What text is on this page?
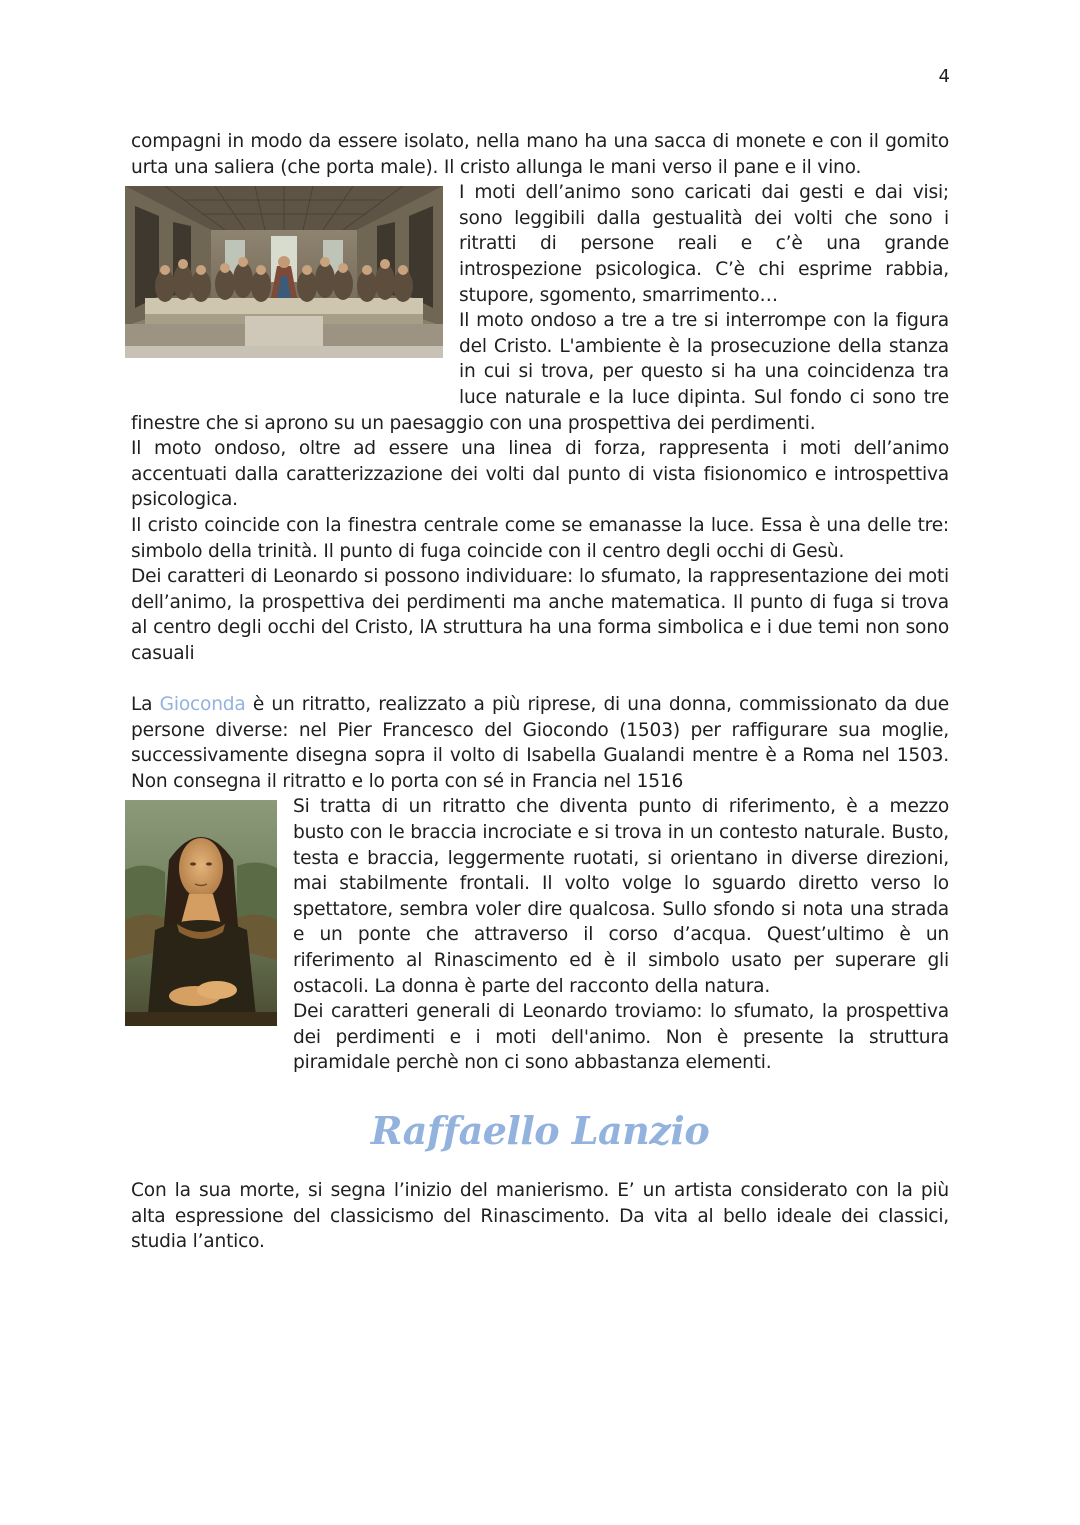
4

compagni in modo da essere isolato, nella mano ha una sacca di monete e con il gomito urta una saliera (che porta male). Il cristo allunga le mani verso il pane e il vino.

I moti dell’animo sono caricati dai gesti e dai visi; sono leggibili dalla gestualità dei volti che sono i ritratti di persone reali e c’è una grande introspezione psicologica. C’è chi esprime rabbia, stupore, sgomento, smarrimento…

Il moto ondoso a tre a tre si interrompe con la figura del Cristo. L'ambiente è la prosecuzione della stanza in cui si trova, per questo si ha una coincidenza tra luce naturale e la luce dipinta. Sul fondo ci sono tre finestre che si aprono su un paesaggio con una prospettiva dei perdimenti.

Il moto ondoso, oltre ad essere una linea di forza, rappresenta i moti dell’animo accentuati dalla caratterizzazione dei volti dal punto di vista fisionomico e introspettiva psicologica.

Il cristo coincide con la finestra centrale come se emanasse la luce. Essa è una delle tre: simbolo della trinità. Il punto di fuga coincide con il centro degli occhi di Gesù.

Dei caratteri di Leonardo si possono individuare: lo sfumato, la rappresentazione dei moti dell’animo, la prospettiva dei perdimenti ma anche matematica. Il punto di fuga si trova al centro degli occhi del Cristo, lA struttura ha una forma simbolica e i due temi non sono casuali

La Gioconda è un ritratto, realizzato a più riprese, di una donna, commissionato da due persone diverse: nel Pier Francesco del Giocondo (1503) per raffigurare sua moglie, successivamente disegna sopra il volto di Isabella Gualandi mentre è a Roma nel 1503. Non consegna il ritratto e lo porta con sé in Francia nel 1516

Si tratta di un ritratto che diventa punto di riferimento, è a mezzo busto con le braccia incrociate e si trova in un contesto naturale. Busto, testa e braccia, leggermente ruotati, si orientano in diverse direzioni, mai stabilmente frontali. Il volto volge lo sguardo diretto verso lo spettatore, sembra voler dire qualcosa. Sullo sfondo si nota una strada e un ponte che attraverso il corso d’acqua. Quest’ultimo è un riferimento al Rinascimento ed è il simbolo usato per superare gli ostacoli. La donna è parte del racconto della natura.

Dei caratteri generali di Leonardo troviamo: lo sfumato, la prospettiva dei perdimenti e i moti dell'animo. Non è presente la struttura piramidale perchè non ci sono abbastanza elementi.

Raffaello Lanzio

Con la sua morte, si segna l’inizio del manierismo. E’ un artista considerato con la più alta espressione del classicismo del Rinascimento. Da vita al bello ideale dei classici, studia l’antico.
